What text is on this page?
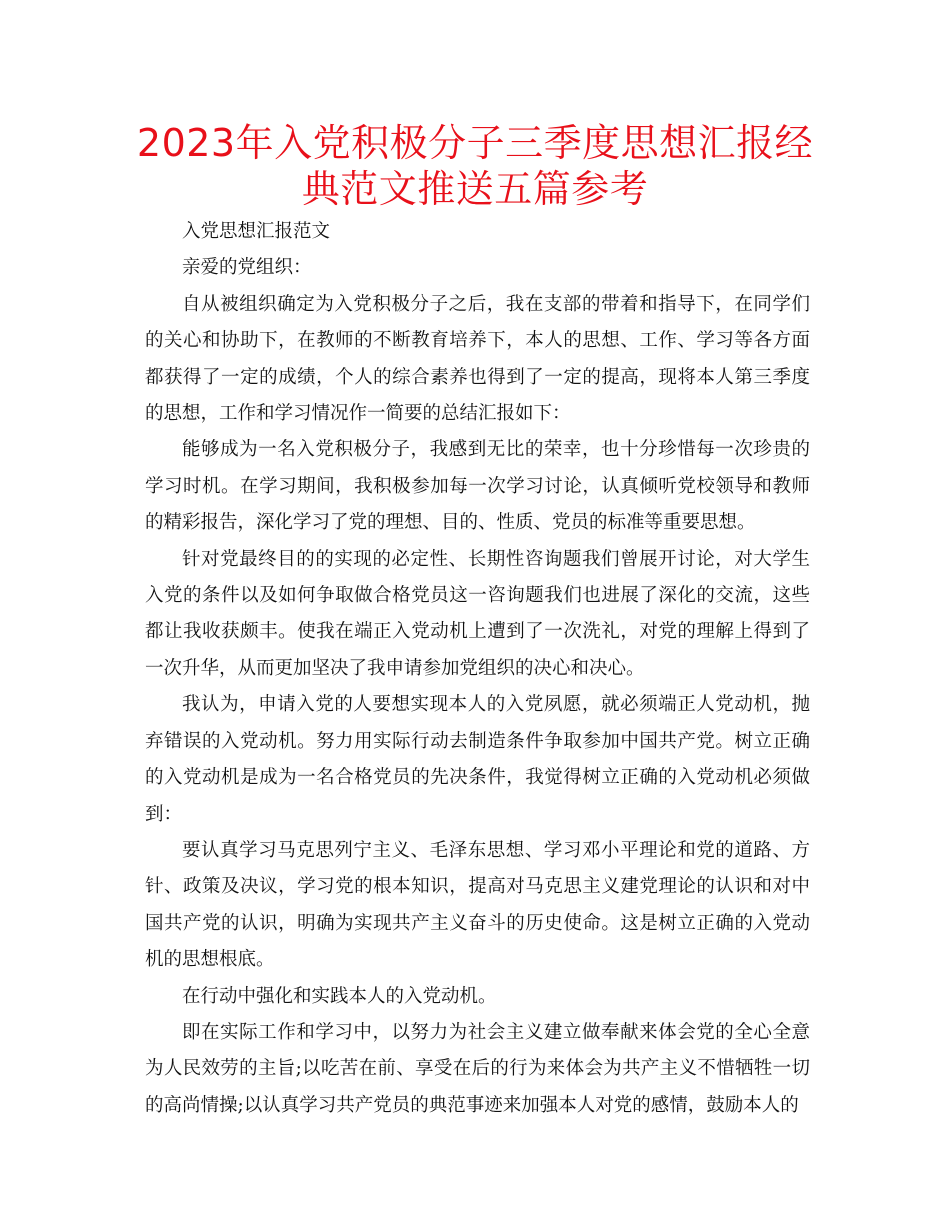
2023年入党积极分子三季度思想汇报经典范文推送五篇参考

入党思想汇报范文

亲爱的党组织：

自从被组织确定为入党积极分子之后，我在支部的带着和指导下，在同学们的关心和协助下，在教师的不断教育培养下，本人的思想、工作、学习等各方面都获得了一定的成绩，个人的综合素养也得到了一定的提高，现将本人第三季度的思想，工作和学习情况作一简要的总结汇报如下：

能够成为一名入党积极分子，我感到无比的荣幸，也十分珍惜每一次珍贵的学习时机。在学习期间，我积极参加每一次学习讨论，认真倾听党校领导和教师的精彩报告，深化学习了党的理想、目的、性质、党员的标准等重要思想。

针对党最终目的的实现的必定性、长期性咨询题我们曾展开讨论，对大学生入党的条件以及如何争取做合格党员这一咨询题我们也进展了深化的交流，这些都让我收获颇丰。使我在端正入党动机上遭到了一次洗礼，对党的理解上得到了一次升华，从而更加坚决了我申请参加党组织的决心和决心。

我认为，申请入党的人要想实现本人的入党夙愿，就必须端正人党动机，抛弃错误的入党动机。努力用实际行动去制造条件争取参加中国共产党。树立正确的入党动机是成为一名合格党员的先决条件，我觉得树立正确的入党动机必须做到：

要认真学习马克思列宁主义、毛泽东思想、学习邓小平理论和党的道路、方针、政策及决议，学习党的根本知识，提高对马克思主义建党理论的认识和对中国共产党的认识，明确为实现共产主义奋斗的历史使命。这是树立正确的入党动机的思想根底。

在行动中强化和实践本人的入党动机。

即在实际工作和学习中，以努力为社会主义建立做奉献来体会党的全心全意为人民效劳的主旨;以吃苦在前、享受在后的行为来体会为共产主义不惜牺牲一切的高尚情操;以认真学习共产党员的典范事迹来加强本人对党的感情，鼓励本人的
